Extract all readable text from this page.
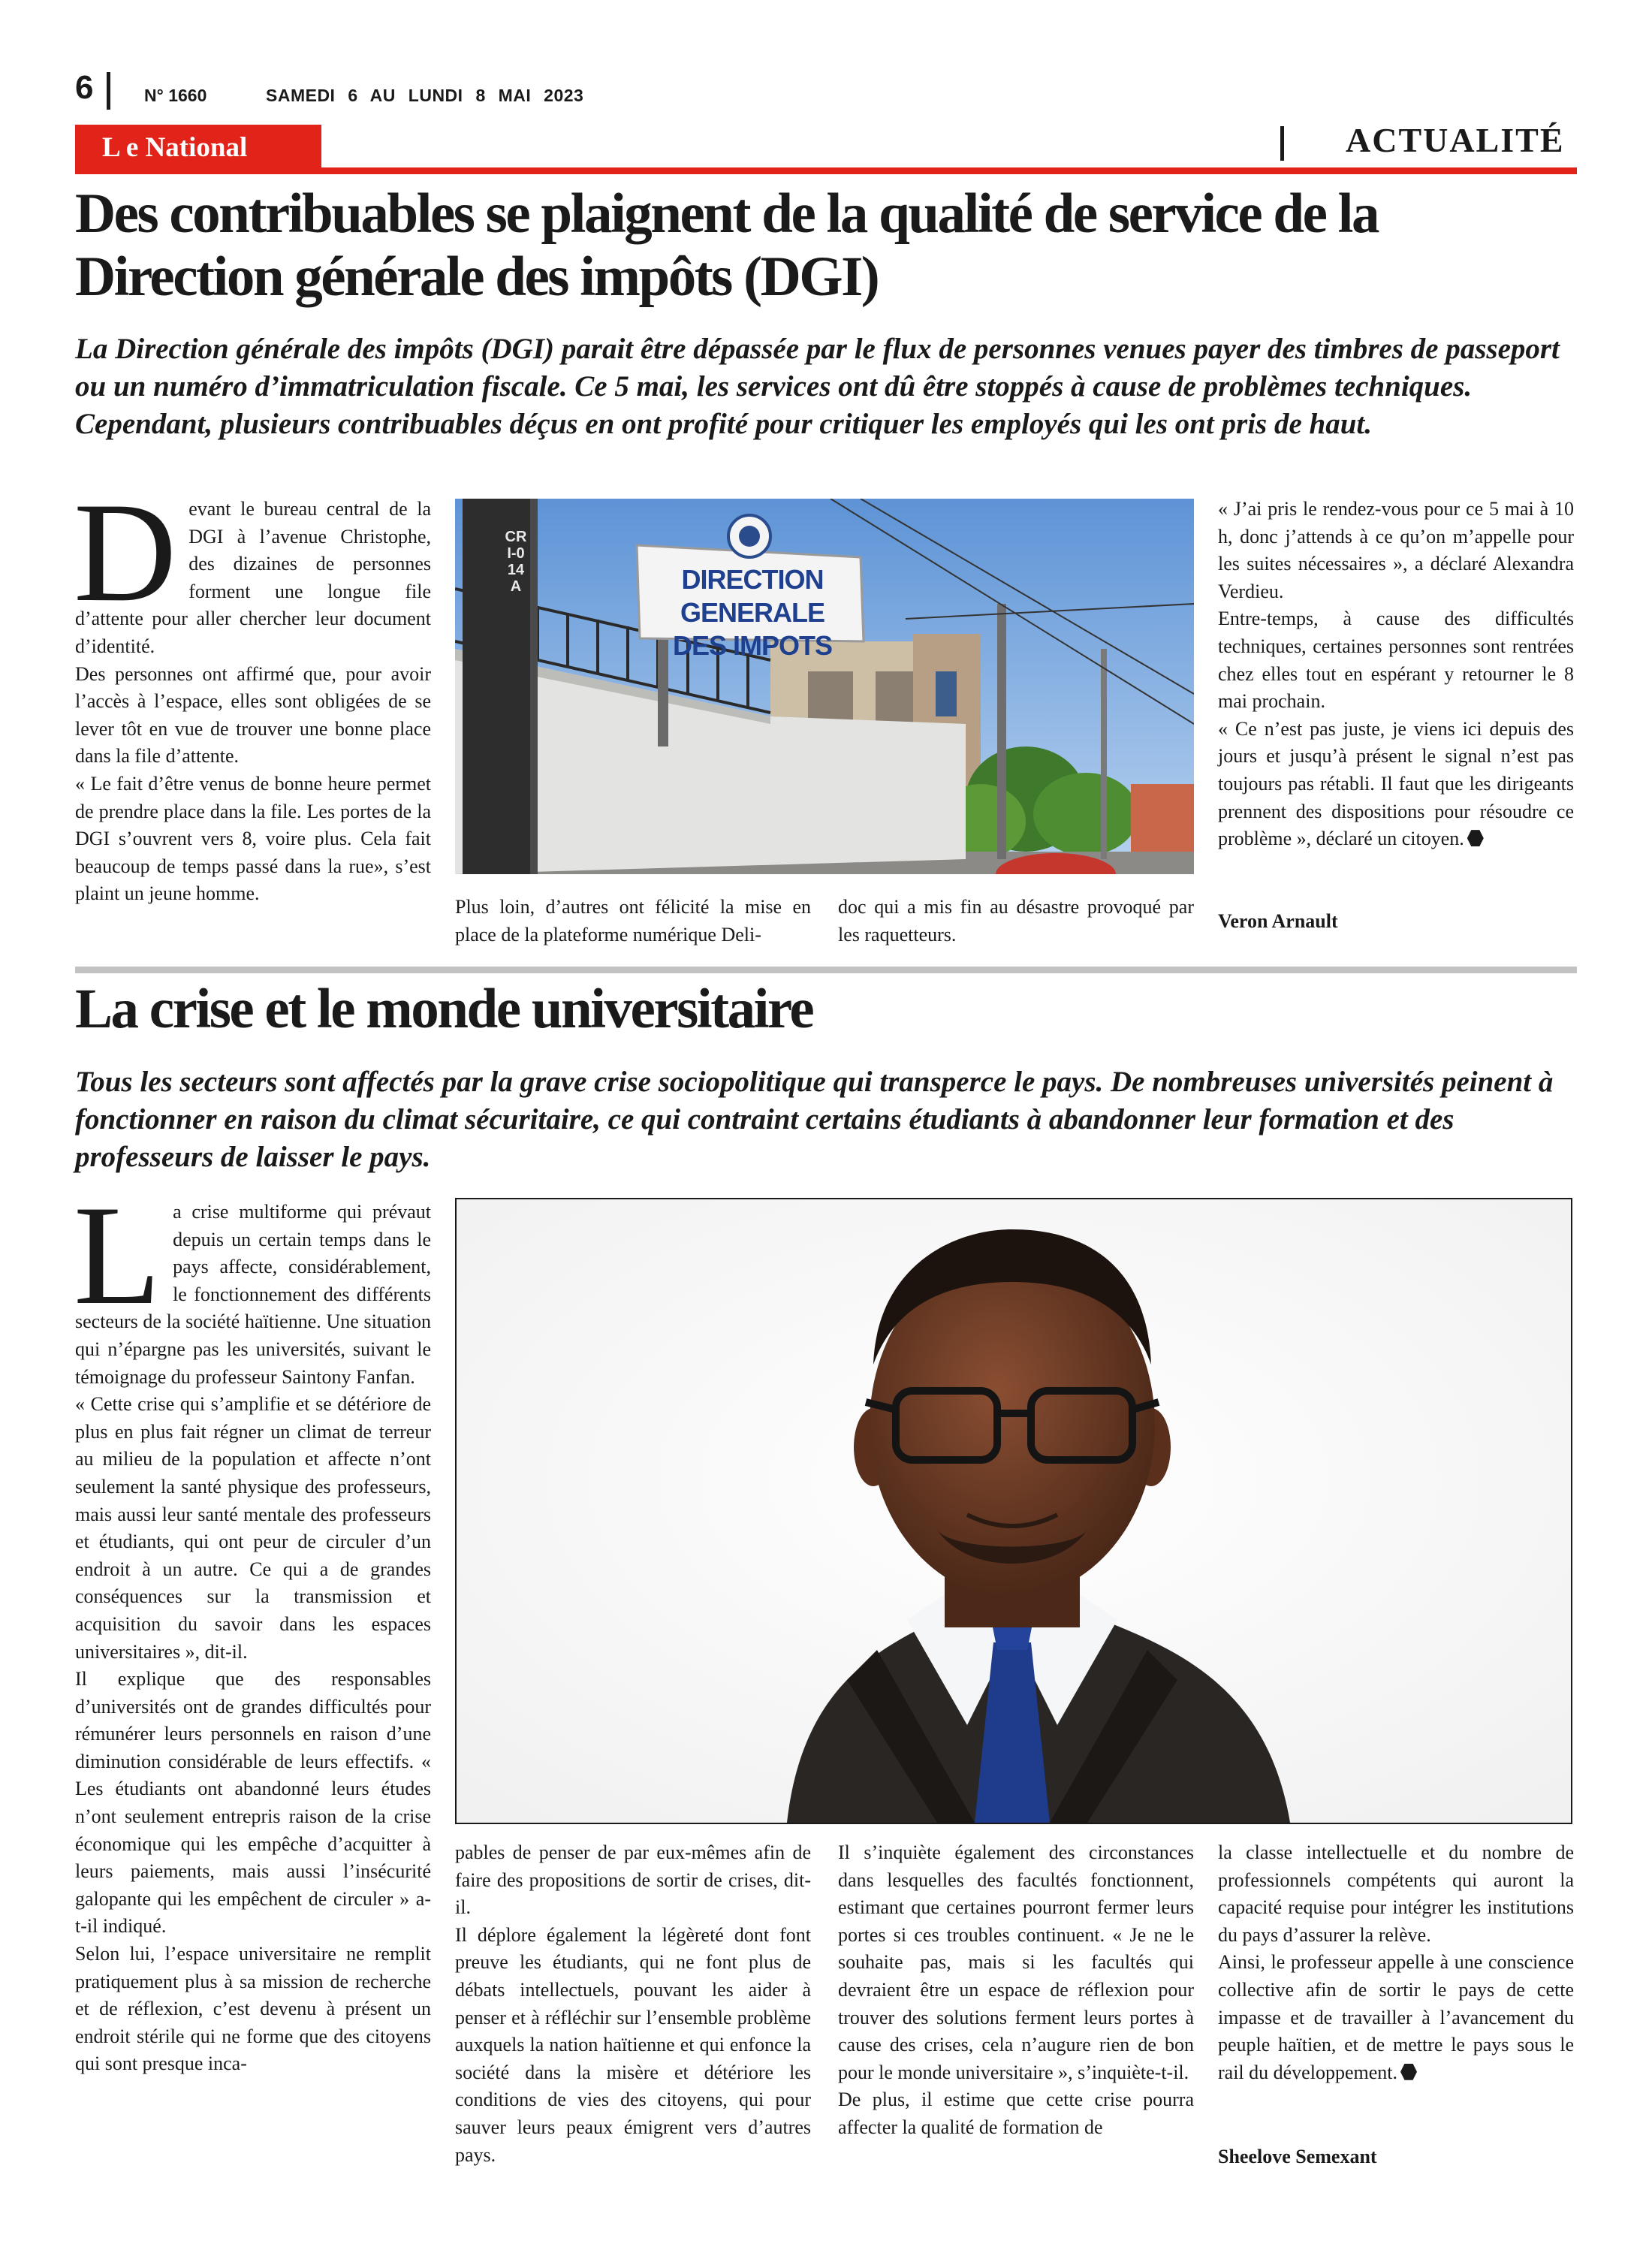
6	N° 1660	SAMEDI 6 AU LUNDI 8 MAI 2023
L e National	ACTUALITÉ
Des contribuables se plaignent de la qualité de service de la Direction générale des impôts (DGI)
La Direction générale des impôts (DGI) parait être dépassée par le flux de personnes venues payer des timbres de passeport ou un numéro d’immatriculation fiscale. Ce 5 mai, les services ont dû être stoppés à cause de problèmes techniques. Cependant, plusieurs contribuables déçus en ont profité pour critiquer les employés qui les ont pris de haut.
D evant le bureau central de la DGI à l’avenue Christophe, des dizaines de personnes forment une longue file d’attente pour aller chercher leur document d’identité.

Des personnes ont affirmé que, pour avoir l’accès à l’espace, elles sont obligées de se lever tôt en vue de trouver une bonne place dans la file d’attente.

« Le fait d’être venus de bonne heure permet de prendre place dans la file. Les portes de la DGI s’ouvrent vers 8, voire plus. Cela fait beaucoup de temps passé dans la rue», s’est plaint un jeune homme.

DIRECTION GENERALE
DES IMPOTS
CRI-014A

Plus loin, d’autres ont félicité la mise en place de la plateforme numérique Deli-

doc qui a mis fin au désastre provoqué par les raquetteurs.

« J’ai pris le rendez-vous pour ce 5 mai à 10 h, donc j’attends à ce qu’on m’appelle pour les suites nécessaires », a déclaré Alexandra Verdieu.

Entre-temps, à cause des difficultés techniques, certaines personnes sont rentrées chez elles tout en espérant y retourner le 8 mai prochain.

« Ce n’est pas juste, je viens ici depuis des jours et jusqu’à présent le signal n’est pas toujours pas rétabli. Il faut que les dirigeants prennent des dispositions pour résoudre ce problème », déclaré un citoyen.

Veron Arnault
La crise et le monde universitaire
Tous les secteurs sont affectés par la grave crise sociopolitique qui transperce le pays. De nombreuses universités peinent à fonctionner en raison du climat sécuritaire, ce qui contraint certains étudiants à abandonner leur formation et des professeurs de laisser le pays.
L a crise multiforme qui prévaut depuis un certain temps dans le pays affecte, considérablement, le fonctionnement des différents secteurs de la société haïtienne. Une situation qui n’épargne pas les universités, suivant le témoignage du professeur Saintony Fanfan.

« Cette crise qui s’amplifie et se détériore de plus en plus fait régner un climat de terreur au milieu de la population et affecte n’ont seulement la santé physique des professeurs, mais aussi leur santé mentale des professeurs et étudiants, qui ont peur de circuler d’un endroit à un autre. Ce qui a de grandes conséquences sur la transmission et acquisition du savoir dans les espaces universitaires », dit-il.

Il explique que des responsables d’universités ont de grandes difficultés pour rémunérer leurs personnels en raison d’une diminution considérable de leurs effectifs. « Les étudiants ont abandonné leurs études n’ont seulement entrepris raison de la crise économique qui les empêche d’acquitter à leurs paiements, mais aussi l’insécurité galopante qui les empêchent de circuler » a-t-il indiqué.

Selon lui, l’espace universitaire ne remplit pratiquement plus à sa mission de recherche et de réflexion, c’est devenu à présent un endroit stérile qui ne forme que des citoyens qui sont presque inca-

pables de penser de par eux-mêmes afin de faire des propositions de sortir de crises, dit-il.

Il déplore également la légèreté dont font preuve les étudiants, qui ne font plus de débats intellectuels, pouvant les aider à penser et à réfléchir sur l’ensemble problème auxquels la nation haïtienne et qui enfonce la société dans la misère et détériore les conditions de vies des citoyens, qui pour sauver leurs peaux émigrent vers d’autres pays.

Il s’inquiète également des circonstances dans lesquelles des facultés fonctionnent, estimant que certaines pourront fermer leurs portes si ces troubles continuent. « Je ne le souhaite pas, mais si les facultés qui devraient être un espace de réflexion pour trouver des solutions ferment leurs portes à cause des crises, cela n’augure rien de bon pour le monde universitaire », s’inquiète-t-il.

De plus, il estime que cette crise pourra affecter la qualité de formation de

la classe intellectuelle et du nombre de professionnels compétents qui auront la capacité requise pour intégrer les institutions du pays d’assurer la relève.

Ainsi, le professeur appelle à une conscience collective afin de sortir le pays de cette impasse et de travailler à l’avancement du peuple haïtien, et de mettre le pays sous le rail du développement.

Sheelove Semexant
